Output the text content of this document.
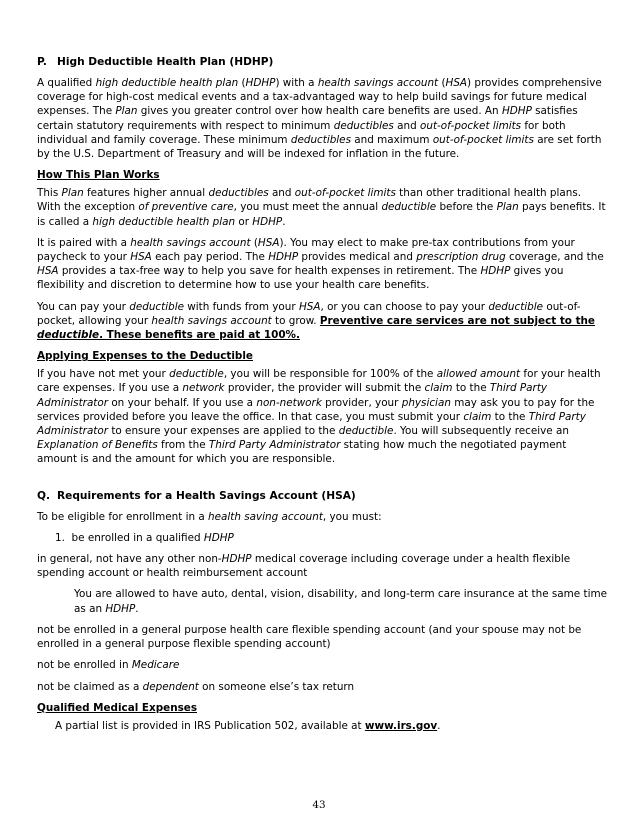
P. High Deductible Health Plan (HDHP)

A qualified high deductible health plan (HDHP) with a health savings account (HSA) provides comprehensive coverage for high-cost medical events and a tax-advantaged way to help build savings for future medical expenses. The Plan gives you greater control over how health care benefits are used. An HDHP satisfies certain statutory requirements with respect to minimum deductibles and out-of-pocket limits for both individual and family coverage. These minimum deductibles and maximum out-of-pocket limits are set forth by the U.S. Department of Treasury and will be indexed for inflation in the future.

How This Plan Works

This Plan features higher annual deductibles and out-of-pocket limits than other traditional health plans. With the exception of preventive care, you must meet the annual deductible before the Plan pays benefits. It is called a high deductible health plan or HDHP.

It is paired with a health savings account (HSA). You may elect to make pre-tax contributions from your paycheck to your HSA each pay period. The HDHP provides medical and prescription drug coverage, and the HSA provides a tax-free way to help you save for health expenses in retirement. The HDHP gives you flexibility and discretion to determine how to use your health care benefits.

You can pay your deductible with funds from your HSA, or you can choose to pay your deductible out-of-pocket, allowing your health savings account to grow. Preventive care services are not subject to the deductible. These benefits are paid at 100%.

Applying Expenses to the Deductible

If you have not met your deductible, you will be responsible for 100% of the allowed amount for your health care expenses. If you use a network provider, the provider will submit the claim to the Third Party Administrator on your behalf. If you use a non-network provider, your physician may ask you to pay for the services provided before you leave the office. In that case, you must submit your claim to the Third Party Administrator to ensure your expenses are applied to the deductible. You will subsequently receive an Explanation of Benefits from the Third Party Administrator stating how much the negotiated payment amount is and the amount for which you are responsible.

Q. Requirements for a Health Savings Account (HSA)

To be eligible for enrollment in a health saving account, you must:

1. be enrolled in a qualified HDHP

in general, not have any other non-HDHP medical coverage including coverage under a health flexible spending account or health reimbursement account

You are allowed to have auto, dental, vision, disability, and long-term care insurance at the same time as an HDHP.

not be enrolled in a general purpose health care flexible spending account (and your spouse may not be enrolled in a general purpose flexible spending account)

not be enrolled in Medicare

not be claimed as a dependent on someone else’s tax return

Qualified Medical Expenses

A partial list is provided in IRS Publication 502, available at www.irs.gov.

43
